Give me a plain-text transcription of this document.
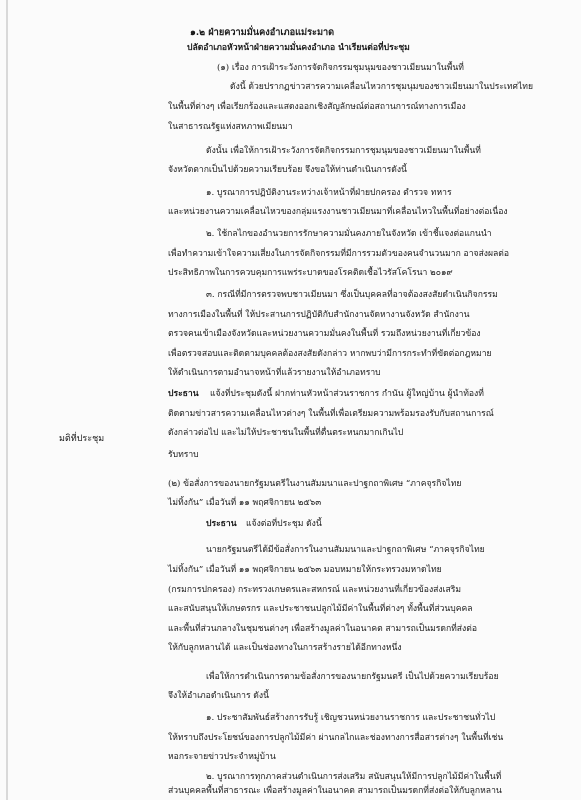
๑.๒ ฝ่ายความมั่นคงอำเภอแม่ระมาด
ปลัดอำเภอหัวหน้าฝ่ายความมั่นคงอำเภอ นำเรียนต่อที่ประชุม
(๑) เรื่อง การเฝ้าระวังการจัดกิจกรรมชุมนุมของชาวเมียนมาในพื้นที่
ดังนี้ ด้วยปรากฏข่าวสารความเคลื่อนไหวการชุมนุมของชาวเมียนมาในประเทศไทย
ในพื้นที่ต่างๆ เพื่อเรียกร้องและแสดงออกเชิงสัญลักษณ์ต่อสถานการณ์ทางการเมือง
ในสาธารณรัฐแห่งสหภาพเมียนมา
ดังนั้น เพื่อให้การเฝ้าระวังการจัดกิจกรรมการชุมนุมของชาวเมียนมาในพื้นที่
จังหวัดตากเป็นไปด้วยความเรียบร้อย จึงขอให้ท่านดำเนินการดังนี้
๑. บูรณาการปฏิบัติงานระหว่างเจ้าหน้าที่ฝ่ายปกครอง ตำรวจ ทหาร
และหน่วยงานความเคลื่อนไหวของกลุ่มแรงงานชาวเมียนมาที่เคลื่อนไหวในพื้นที่อย่างต่อเนื่อง
๒. ใช้กลไกของอำนวยการรักษาความมั่นคงภายในจังหวัด เข้าชี้แจงต่อแกนนำ
เพื่อทำความเข้าใจความเสี่ยงในการจัดกิจกรรมที่มีการรวมตัวของคนจำนวนมาก อาจส่งผลต่อ
ประสิทธิภาพในการควบคุมการแพร่ระบาดของโรคติดเชื้อไวรัสโคโรนา ๒๐๑๙
๓. กรณีที่มีการตรวจพบชาวเมียนมา ซึ่งเป็นบุคคลที่อาจต้องสงสัยดำเนินกิจกรรม
ทางการเมืองในพื้นที่ ให้ประสานการปฏิบัติกับสำนักงานจัดหางานจังหวัด สำนักงาน
ตรวจคนเข้าเมืองจังหวัดและหน่วยงานความมั่นคงในพื้นที่ รวมถึงหน่วยงานที่เกี่ยวข้อง
เพื่อตรวจสอบและติดตามบุคคลต้องสงสัยดังกล่าว หากพบว่ามีการกระทำที่ขัดต่อกฎหมาย
ให้ดำเนินการตามอำนาจหน้าที่แล้วรายงานให้อำเภอทราบ
ประธาน แจ้งที่ประชุมดังนี้ ฝากท่านหัวหน้าส่วนราชการ กำนัน ผู้ใหญ่บ้าน ผู้นำท้องที่
ติดตามข่าวสารความเคลื่อนไหวต่างๆ ในพื้นที่เพื่อเตรียมความพร้อมรองรับกับสถานการณ์
ดังกล่าวต่อไป และไม่ให้ประชาชนในพื้นที่ตื่นตระหนกมากเกินไป
มติที่ประชุม
รับทราบ
(๒) ข้อสั่งการของนายกรัฐมนตรีในงานสัมมนาและปาฐกถาพิเศษ “ภาคจุรกิจไทย
ไม่ทิ้งกัน” เมื่อวันที่ ๑๑ พฤศจิกายน ๒๕๖๓
ประธาน แจ้งต่อที่ประชุม ดังนี้
นายกรัฐมนตรีได้มีข้อสั่งการในงานสัมมนาและปาฐกถาพิเศษ “ภาคจุรกิจไทย
ไม่ทิ้งกัน” เมื่อวันที่ ๑๑ พฤศจิกายน ๒๕๖๓ มอบหมายให้กระทรวงมหาดไทย
(กรมการปกครอง) กระทรวงเกษตรและสหกรณ์ และหน่วยงานที่เกี่ยวข้องส่งเสริม
และสนับสนุนให้เกษตรกร และประชาชนปลูกไม้มีค่าในพื้นที่ต่างๆ ทั้งพื้นที่ส่วนบุคคล
และพื้นที่ส่วนกลางในชุมชนต่างๆ เพื่อสร้างมูลค่าในอนาคต สามารถเป็นมรดกที่ส่งต่อ
ให้กับลูกหลานได้ และเป็นช่องทางในการสร้างรายได้อีกทางหนึ่ง
เพื่อให้การดำเนินการตามข้อสั่งการของนายกรัฐมนตรี เป็นไปด้วยความเรียบร้อย
จึงให้อำเภอดำเนินการ ดังนี้
๑. ประชาสัมพันธ์สร้างการรับรู้ เชิญชวนหน่วยงานราชการ และประชาชนทั่วไป
ให้ทราบถึงประโยชน์ของการปลูกไม้มีค่า ผ่านกลไกและช่องทางการสื่อสารต่างๆ ในพื้นที่เช่น
หอกระจายข่าวประจำหมู่บ้าน
๒. บูรณาการทุกภาคส่วนดำเนินการส่งเสริม สนับสนุนให้มีการปลูกไม้มีค่าในพื้นที่
ส่วนบุคคลพื้นที่สาธารณะ เพื่อสร้างมูลค่าในอนาคต สามารถเป็นมรดกที่ส่งต่อให้กับลูกหลาน
